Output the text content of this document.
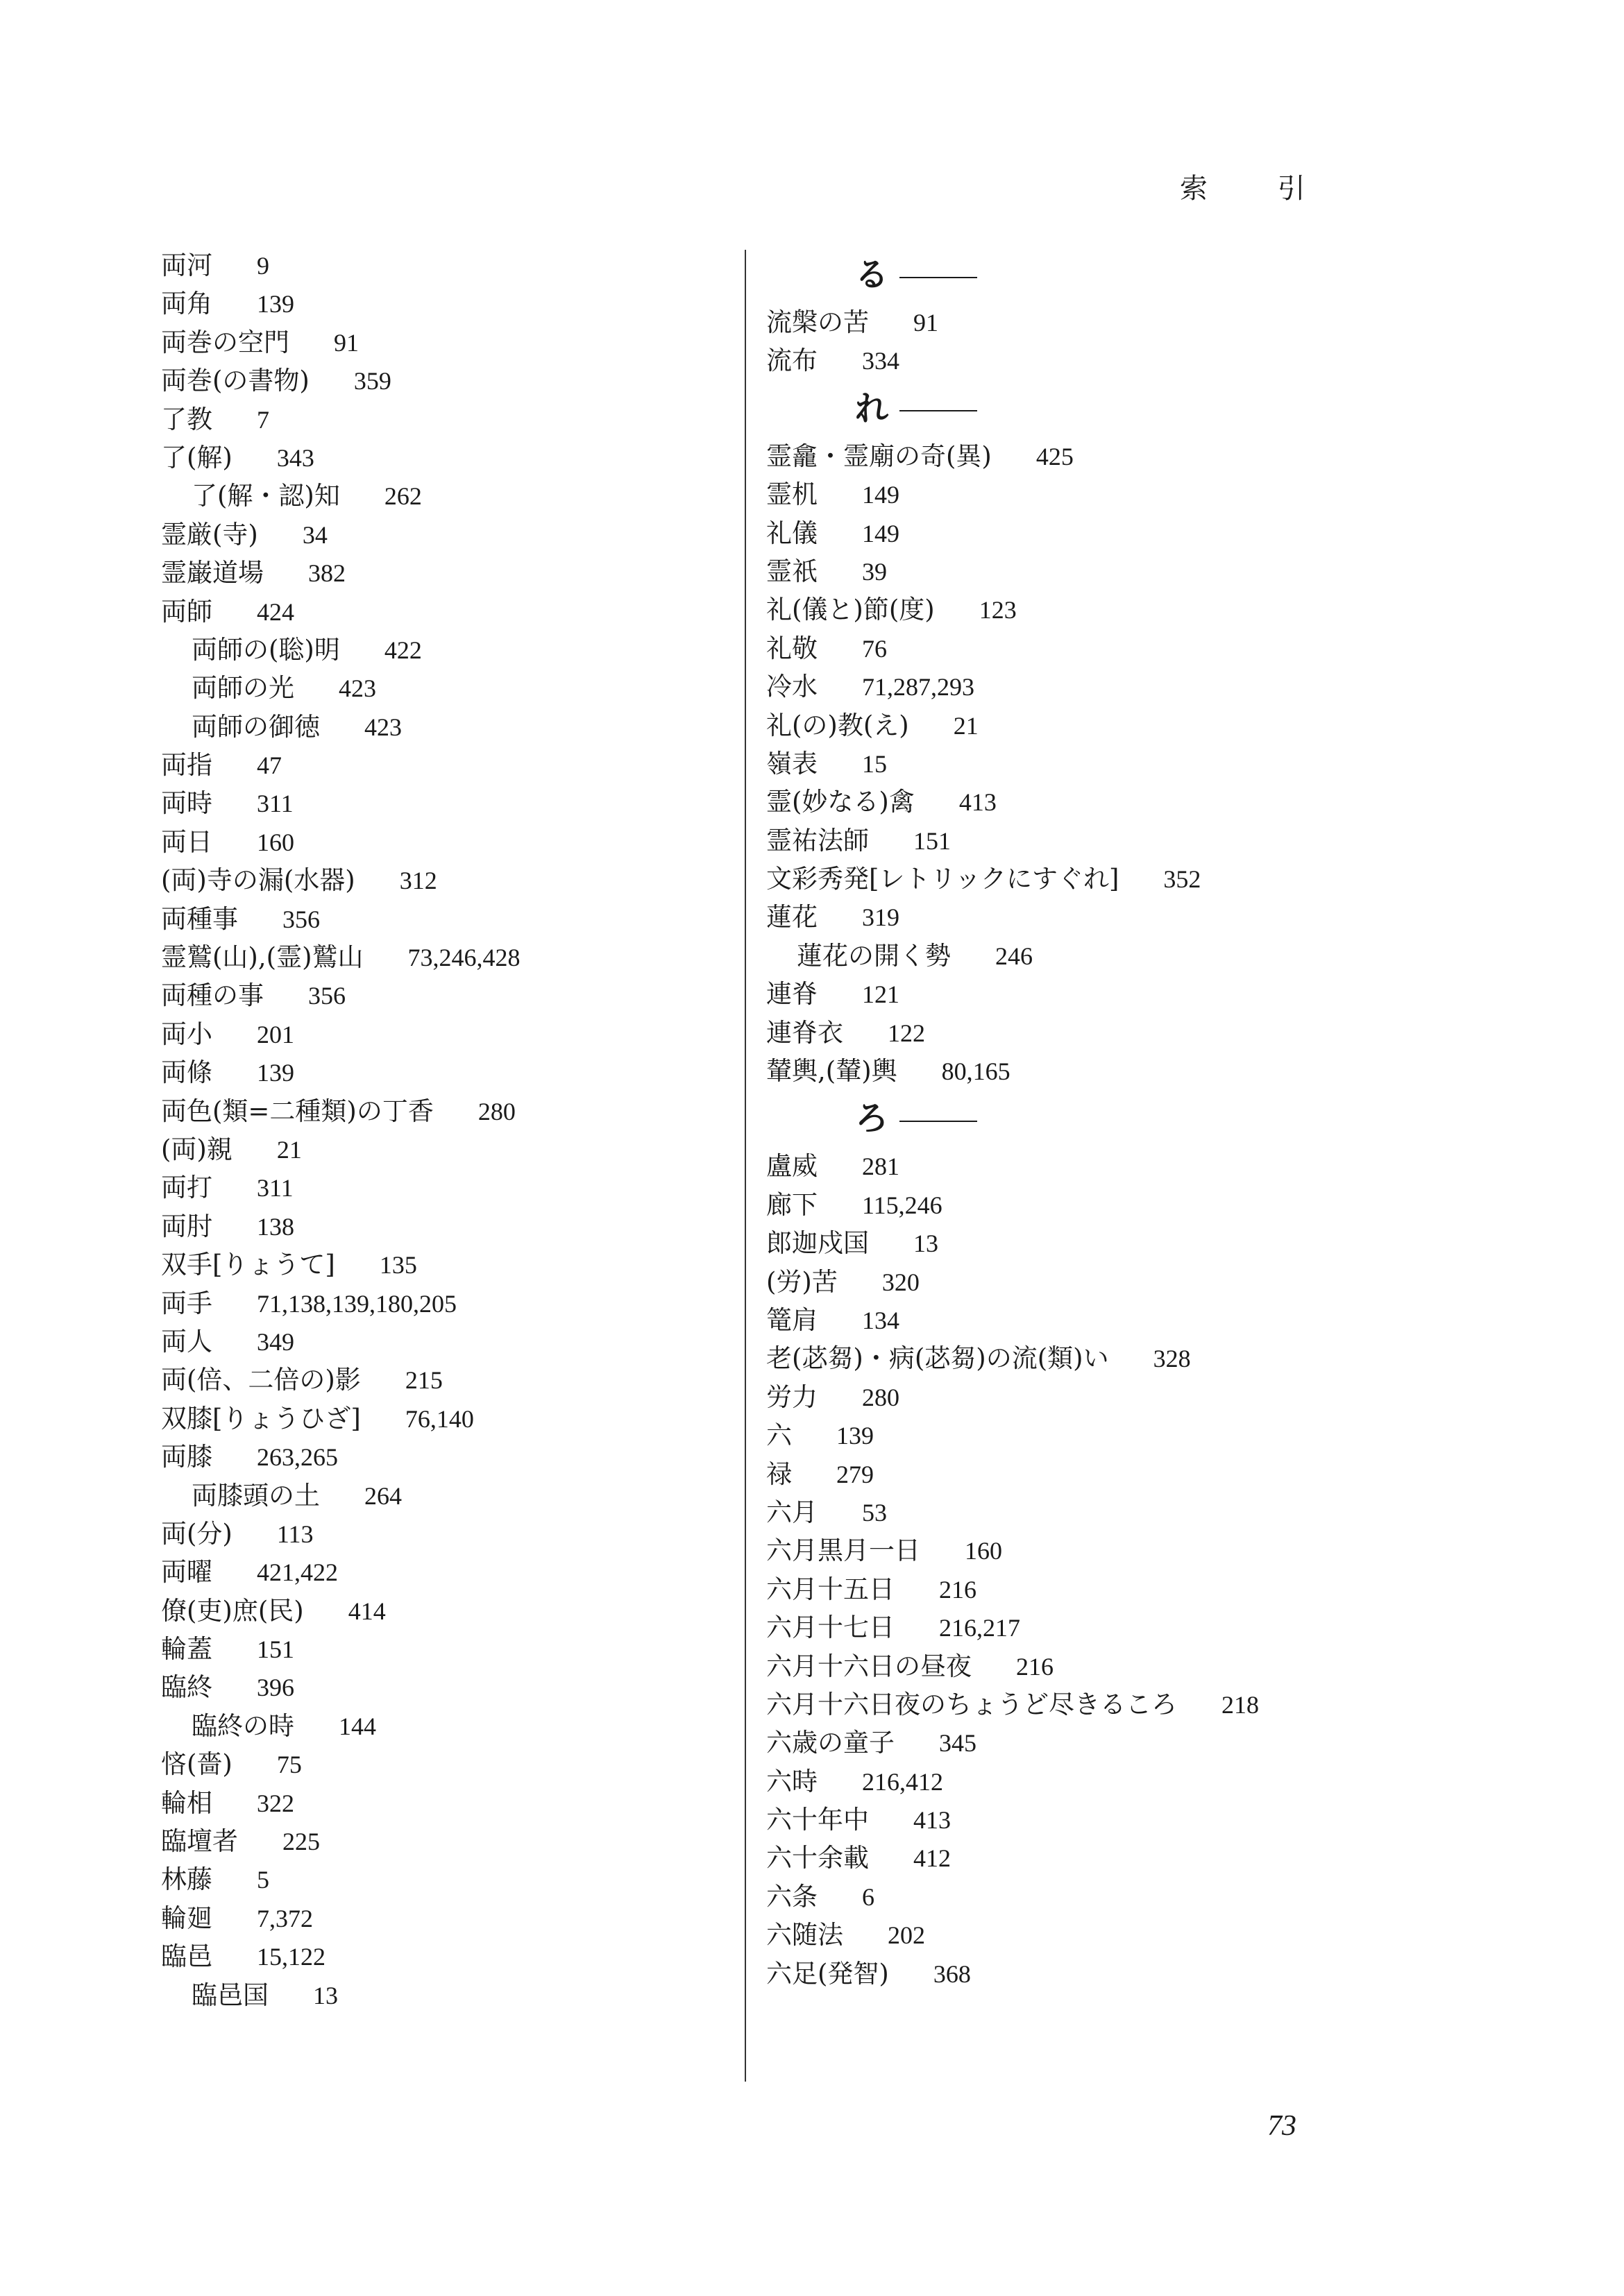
索 引
両河 9
両角 139
両巻の空門 91
両巻(の書物) 359
了教 7
了(解) 343
了(解・認)知 262
霊厳(寺) 34
霊巌道場 382
両師 424
両師の(聡)明 422
両師の光 423
両師の御徳 423
両指 47
両時 311
両日 160
(両)寺の漏(水器) 312
両種事 356
霊鷲(山),(霊)鷲山 73,246,428
両種の事 356
両小 201
両條 139
両色(類=二種類)の丁香 280
(両)親 21
両打 311
両肘 138
双手[りょうて] 135
両手 71,138,139,180,205
両人 349
両(倍、二倍の)影 215
双膝[りょうひざ] 76,140
両膝 263,265
両膝頭の土 264
両(分) 113
両曜 421,422
僚(吏)庶(民) 414
輪蓋 151
臨終 396
臨終の時 144
悋(嗇) 75
輪相 322
臨壇者 225
林藤 5
輪廻 7,372
臨邑 15,122
臨邑国 13
る
流槃の苦 91
流布 334
れ
霊龕・霊廟の奇(異) 425
霊机 149
礼儀 149
霊祇 39
礼(儀と)節(度) 123
礼敬 76
冷水 71,287,293
礼(の)教(え) 21
嶺表 15
霊(妙なる)禽 413
霊祐法師 151
文彩秀発[レトリックにすぐれ] 352
蓮花 319
蓮花の開く勢 246
連脊 121
連脊衣 122
輦輿,(輦)輿 80,165
ろ
盧威 281
廊下 115,246
郎迦戍国 13
(労)苦 320
篭肩 134
老(苾芻)・病(苾芻)の流(類)い 328
労力 280
六 139
禄 279
六月 53
六月黒月一日 160
六月十五日 216
六月十七日 216,217
六月十六日の昼夜 216
六月十六日夜のちょうど尽きるころ 218
六歳の童子 345
六時 216,412
六十年中 413
六十余載 412
六条 6
六随法 202
六足(発智) 368
73
